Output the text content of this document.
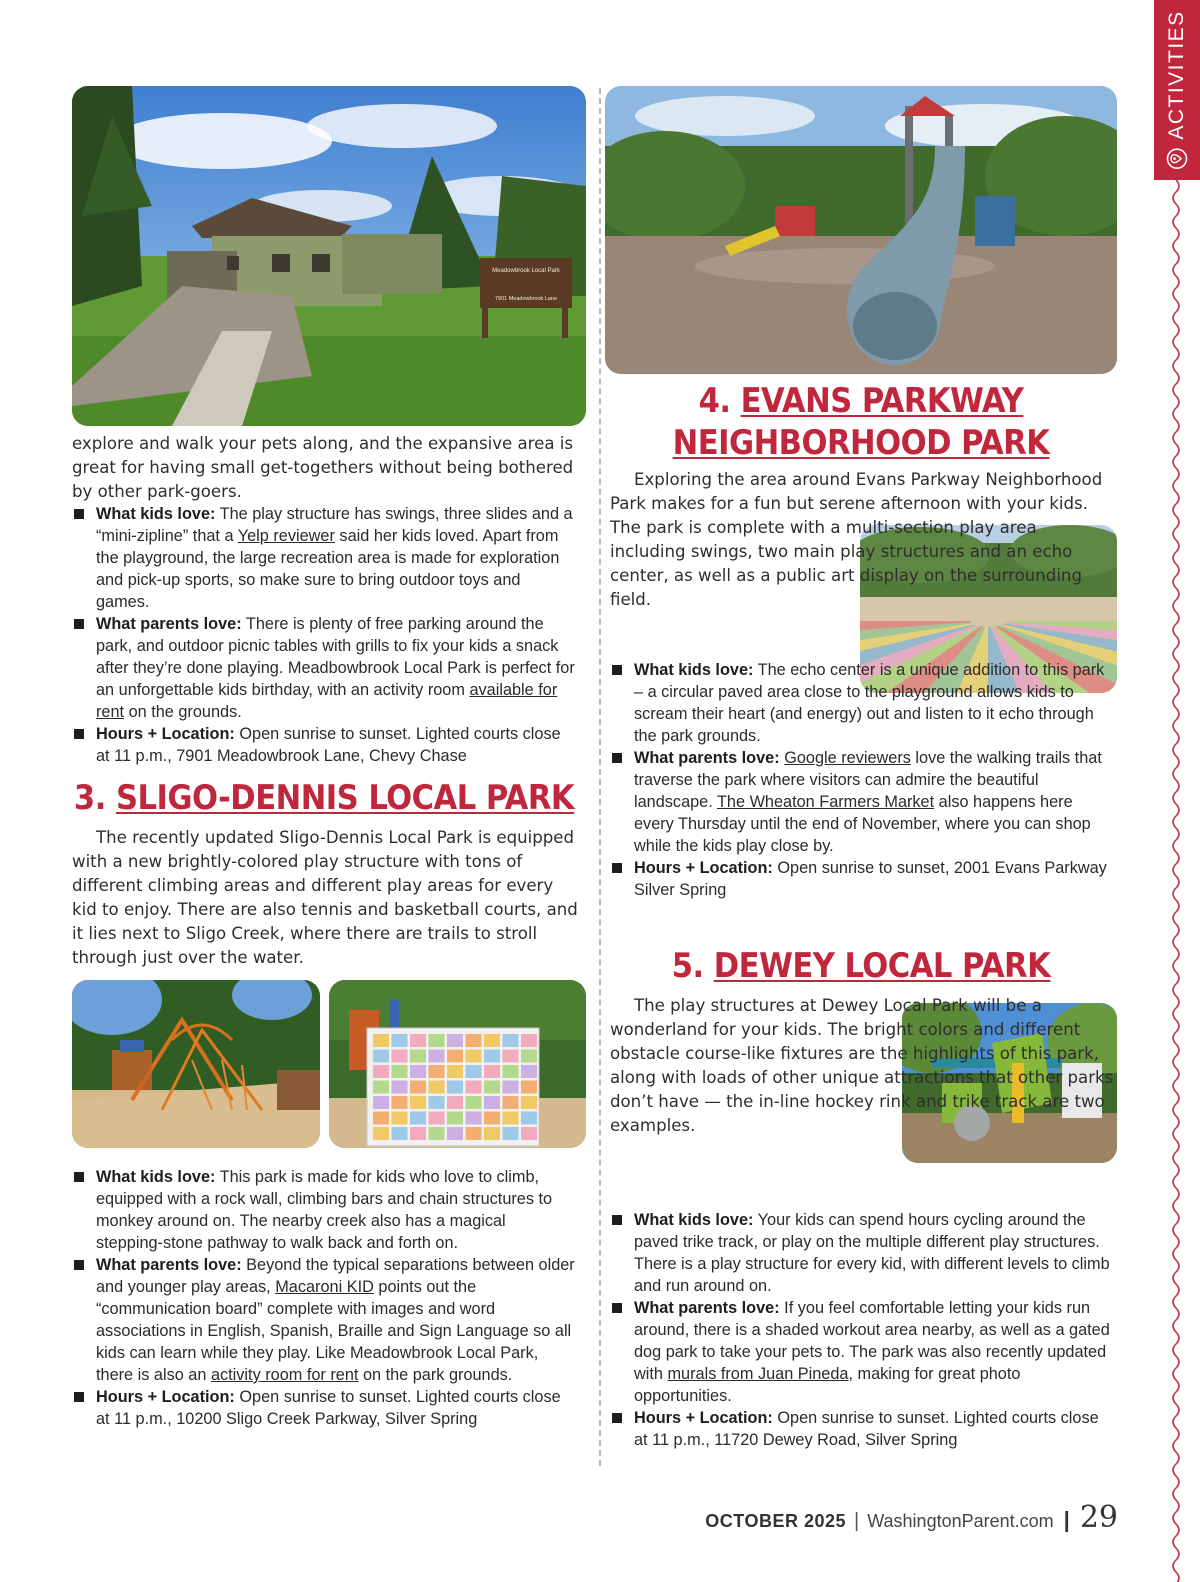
ACTIVITIES
Meadowbrook Local Park
7901 Meadowbrook Lane

explore and walk your pets along, and the expansive area is great for having small get-togethers without being bothered by other park-goers.

What kids love: The play structure has swings, three slides and a “mini-zipline” that a Yelp reviewer said her kids loved. Apart from the playground, the large recreation area is made for exploration and pick-up sports, so make sure to bring outdoor toys and games.
What parents love: There is plenty of free parking around the park, and outdoor picnic tables with grills to fix your kids a snack after they’re done playing. Meadbowbrook Local Park is perfect for an unforgettable kids birthday, with an activity room available for rent on the grounds.
Hours + Location: Open sunrise to sunset. Lighted courts close at 11 p.m., 7901 Meadowbrook Lane, Chevy Chase
3. SLIGO-DENNIS LOCAL PARK

The recently updated Sligo-Dennis Local Park is equipped with a new brightly-colored play structure with tons of different climbing areas and different play areas for every kid to enjoy. There are also tennis and basketball courts, and it lies next to Sligo Creek, where there are trails to stroll through just over the water.

What kids love: This park is made for kids who love to climb, equipped with a rock wall, climbing bars and chain structures to monkey around on. The nearby creek also has a magical stepping-stone pathway to walk back and forth on.
What parents love: Beyond the typical separations between older and younger play areas, Macaroni KID points out the “communication board” complete with images and word associations in English, Spanish, Braille and Sign Language so all kids can learn while they play. Like Meadowbrook Local Park, there is also an activity room for rent on the park grounds.
Hours + Location: Open sunrise to sunset. Lighted courts close at 11 p.m., 10200 Sligo Creek Parkway, Silver Spring
4. EVANS PARKWAY
NEIGHBORHOOD PARK

Exploring the area around Evans Parkway Neighborhood Park makes for a fun but serene afternoon with your kids. The park is complete with a multi-section play area including swings, two main play structures and an echo center, as well as a public art display on the surrounding field.

What kids love: The echo center is a unique addition to this park – a circular paved area close to the playground allows kids to scream their heart (and energy) out and listen to it echo through the park grounds.
What parents love: Google reviewers love the walking trails that traverse the park where visitors can admire the beautiful landscape. The Wheaton Farmers Market also happens here every Thursday until the end of November, where you can shop while the kids play close by.
Hours + Location: Open sunrise to sunset, 2001 Evans Parkway Silver Spring
5. DEWEY LOCAL PARK

The play structures at Dewey Local Park will be a wonderland for your kids. The bright colors and different obstacle course-like fixtures are the highlights of this park, along with loads of other unique attractions that other parks don’t have — the in-line hockey rink and trike track are two examples.

What kids love: Your kids can spend hours cycling around the paved trike track, or play on the multiple different play structures. There is a play structure for every kid, with different levels to climb and run around on.
What parents love: If you feel comfortable letting your kids run around, there is a shaded workout area nearby, as well as a gated dog park to take your pets to. The park was also recently updated with murals from Juan Pineda, making for great photo opportunities.
Hours + Location: Open sunrise to sunset. Lighted courts close at 11 p.m., 11720 Dewey Road, Silver Spring
OCTOBER 2025 | WashingtonParent.com | 29
